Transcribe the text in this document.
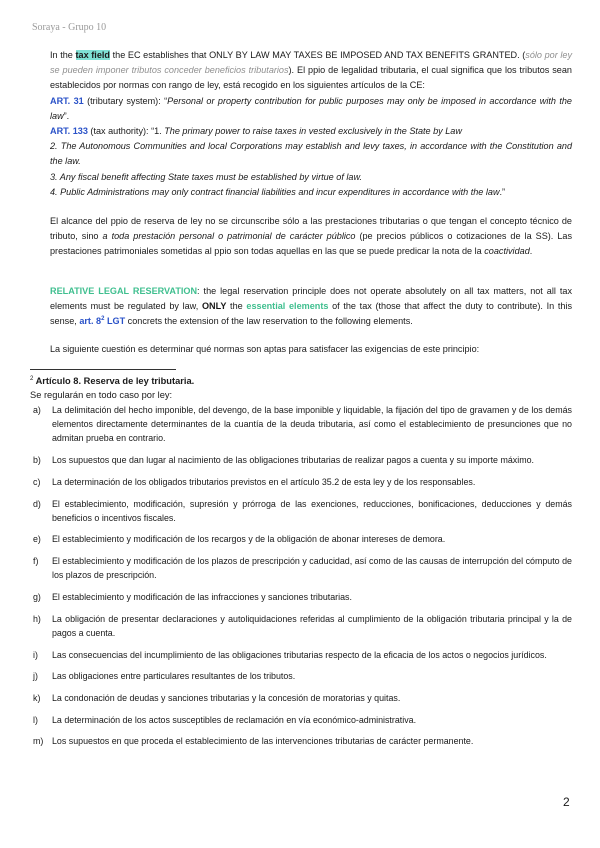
Soraya - Grupo 10
In the tax field the EC establishes that ONLY BY LAW MAY TAXES BE IMPOSED AND TAX BENEFITS GRANTED. (sólo por ley se pueden imponer tributos conceder beneficios tributarios). El ppio de legalidad tributaria, el cual significa que los tributos sean establecidos por normas con rango de ley, está recogido en los siguientes artículos de la CE:
ART. 31 (tributary system): “Personal or property contribution for public purposes may only be imposed in accordance with the law”.
ART. 133 (tax authority): “1. The primary power to raise taxes in vested exclusively in the State by Law
2. The Autonomous Communities and local Corporations may establish and levy taxes, in accordance with the Constitution and the law.
3. Any fiscal benefit affecting State taxes must be established by virtue of law.
4. Public Administrations may only contract financial liabilities and incur expenditures in accordance with the law.”
El alcance del ppio de reserva de ley no se circunscribe sólo a las prestaciones tributarias o que tengan el concepto técnico de tributo, sino a toda prestación personal o patrimonial de carácter público (pe precios públicos o cotizaciones de la SS). Las prestaciones patrimoniales sometidas al ppio son todas aquellas en las que se puede predicar la nota de la coactividad.
RELATIVE LEGAL RESERVATION: the legal reservation principle does not operate absolutely on all tax matters, not all tax elements must be regulated by law, ONLY the essential elements of the tax (those that affect the duty to contribute). In this sense, art. $8^2$ LGT concrets the extension of the law reservation to the following elements.
La siguiente cuestión es determinar qué normas son aptas para satisfacer las exigencias de este principio:
$^2$ Artículo 8. Reserva de ley tributaria.
Se regularán en todo caso por ley:
a)	La delimitación del hecho imponible, del devengo, de la base imponible y liquidable, la fijación del tipo de gravamen y de los demás elementos directamente determinantes de la cuantía de la deuda tributaria, así como el establecimiento de presunciones que no admitan prueba en contrario.
b)	Los supuestos que dan lugar al nacimiento de las obligaciones tributarias de realizar pagos a cuenta y su importe máximo.
c)	La determinación de los obligados tributarios previstos en el artículo 35.2 de esta ley y de los responsables.
d)	El establecimiento, modificación, supresión y prórroga de las exenciones, reducciones, bonificaciones, deducciones y demás beneficios o incentivos fiscales.
e)	El establecimiento y modificación de los recargos y de la obligación de abonar intereses de demora.
f)	El establecimiento y modificación de los plazos de prescripción y caducidad, así como de las causas de interrupción del cómputo de los plazos de prescripción.
g)	El establecimiento y modificación de las infracciones y sanciones tributarias.
h)	La obligación de presentar declaraciones y autoliquidaciones referidas al cumplimiento de la obligación tributaria principal y la de pagos a cuenta.
i)	Las consecuencias del incumplimiento de las obligaciones tributarias respecto de la eficacia de los actos o negocios jurídicos.
j)	Las obligaciones entre particulares resultantes de los tributos.
k)	La condonación de deudas y sanciones tributarias y la concesión de moratorias y quitas.
l)	La determinación de los actos susceptibles de reclamación en vía económico-administrativa.
m) Los supuestos en que proceda el establecimiento de las intervenciones tributarias de carácter permanente.
2
